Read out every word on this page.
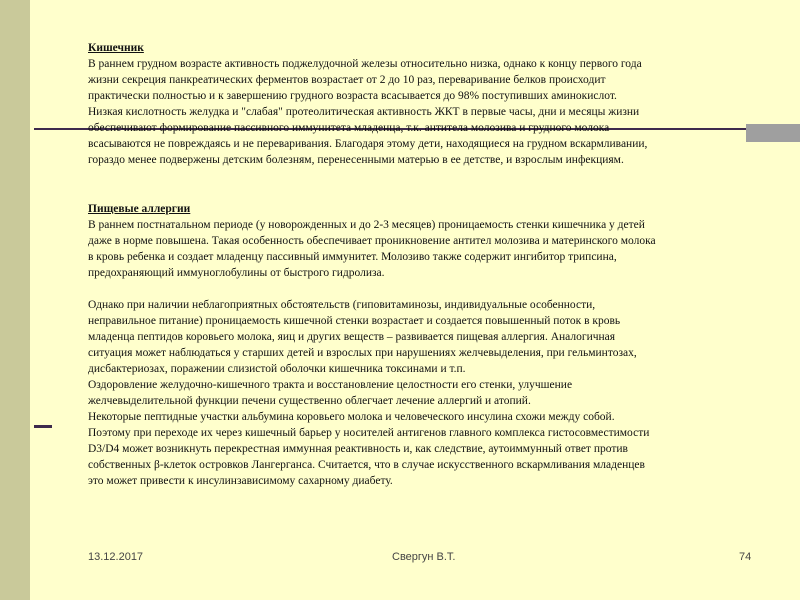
Кишечник

В раннем грудном возрасте активность поджелудочной железы относительно низка, однако к концу первого года

жизни секреция панкреатических ферментов возрастает от 2 до 10 раз, переваривание белков происходит

практически полностью и к завершению грудного возраста всасывается до 98% поступивших аминокислот.

Низкая кислотность желудка и "слабая" протеолитическая активность ЖКТ в первые часы, дни и месяцы жизни

обеспечивают формирование пассивного иммунитета младенца, т.к. антитела молозива и грудного молока

всасываются не повреждаясь и не переваривания. Благодаря этому дети, находящиеся на грудном вскармливании,

гораздо менее подвержены детским болезням, перенесенными матерью в ее детстве, и взрослым инфекциям.

Пищевые аллергии

В раннем постнатальном периоде (у новорожденных и до 2-3 месяцев) проницаемость стенки кишечника у детей

даже в норме повышена. Такая особенность обеспечивает проникновение антител молозива и материнского молока

в кровь ребенка и создает младенцу пассивный иммунитет. Молозиво также содержит ингибитор трипсина,

предохраняющий иммуноглобулины от быстрого гидролиза.

Однако при наличии неблагоприятных обстоятельств (гиповитаминозы, индивидуальные особенности,

неправильное питание) проницаемость кишечной стенки возрастает и создается повышенный поток в кровь

младенца пептидов коровьего молока, яиц и других веществ – развивается пищевая аллергия. Аналогичная

ситуация может наблюдаться у старших детей и взрослых при нарушениях желчевыделения, при гельминтозах,

дисбактериозах, поражении слизистой оболочки кишечника токсинами и т.п.

Оздоровление желудочно-кишечного тракта и восстановление целостности его стенки, улучшение

желчевыделительной функции печени существенно облегчает лечение аллергий и атопий.

Некоторые пептидные участки альбумина коровьего молока и человеческого инсулина схожи между собой.

Поэтому при переходе их через кишечный барьер у носителей антигенов главного комплекса гистосовместимости

D3/D4 может возникнуть перекрестная иммунная реактивность и, как следствие, аутоиммунный ответ против

собственных β-клеток островков Лангерганса. Считается, что в случае искусственного вскармливания младенцев

это может привести к инсулинзависимому сахарному диабету.

13.12.2017	Свергун В.Т.	74
